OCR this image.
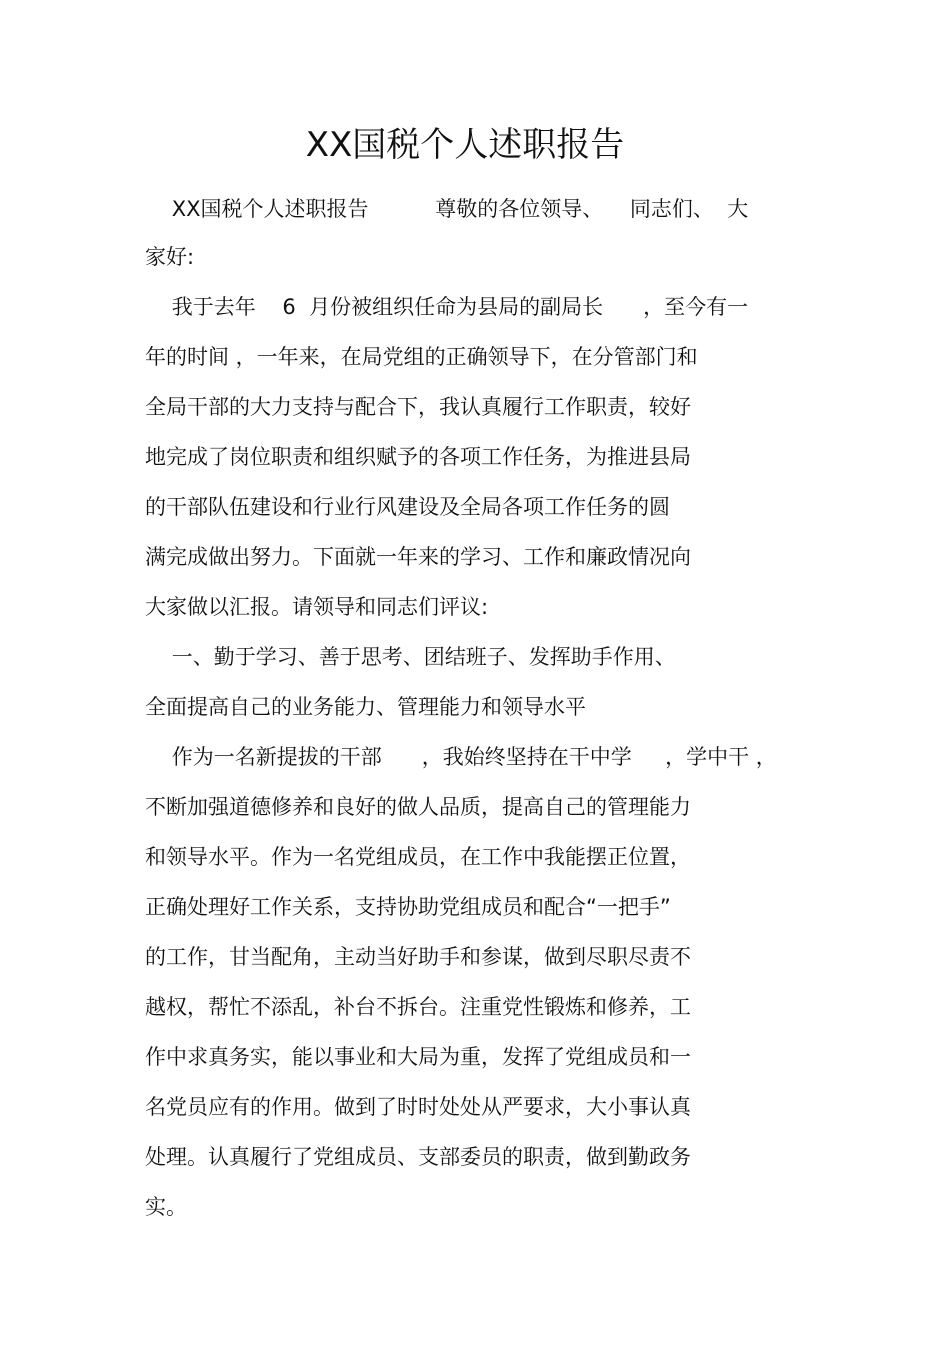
XX国税个人述职报告
XX国税个人述职报告          尊敬的各位领导、    同志们、  大
家好:
我于去年    6  月份被组织任命为县局的副局长      ，至今有一
年的时间 ，一年来，在局党组的正确领导下，在分管部门和
全局干部的大力支持与配合下，我认真履行工作职责，较好
地完成了岗位职责和组织赋予的各项工作任务，为推进县局
的干部队伍建设和行业行风建设及全局各项工作任务的圆
满完成做出努力。下面就一年来的学习、工作和廉政情况向
大家做以汇报。请领导和同志们评议:
一、勤于学习、善于思考、团结班子、发挥助手作用、
全面提高自己的业务能力、管理能力和领导水平
作为一名新提拔的干部      ，我始终坚持在干中学     ，学中干 ，
不断加强道德修养和良好的做人品质，提高自己的管理能力
和领导水平。作为一名党组成员，在工作中我能摆正位置，
正确处理好工作关系，支持协助党组成员和配合“一把手”
的工作，甘当配角，主动当好助手和参谋，做到尽职尽责不
越权，帮忙不添乱，补台不拆台。注重党性锻炼和修养，工
作中求真务实，能以事业和大局为重，发挥了党组成员和一
名党员应有的作用。做到了时时处处从严要求，大小事认真
处理。认真履行了党组成员、支部委员的职责，做到勤政务
实。
